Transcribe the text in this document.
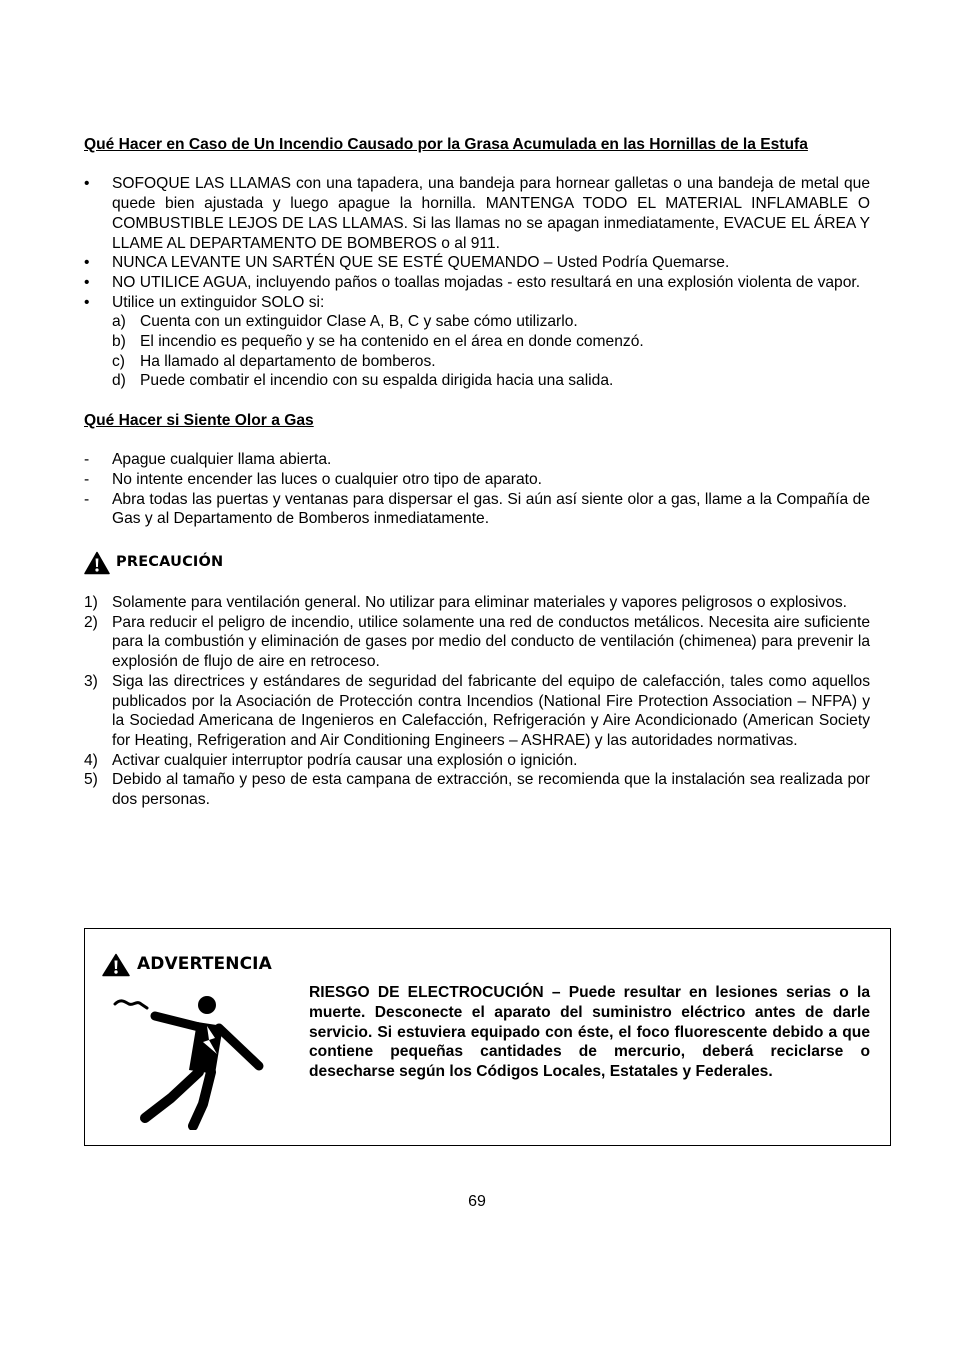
Qué Hacer en Caso de Un Incendio Causado por la Grasa Acumulada en las Hornillas de la Estufa

•	SOFOQUE LAS LLAMAS con una tapadera, una bandeja para hornear galletas o una bandeja de metal que quede bien ajustada y luego apague la hornilla. MANTENGA TODO EL MATERIAL INFLAMABLE O COMBUSTIBLE LEJOS DE LAS LLAMAS. Si las llamas no se apagan inmediatamente, EVACUE EL ÁREA Y LLAME AL DEPARTAMENTO DE BOMBEROS o al 911.
•	NUNCA LEVANTE UN SARTÉN QUE SE ESTÉ QUEMANDO – Usted Podría Quemarse.
•	NO UTILICE AGUA, incluyendo paños o toallas mojadas - esto resultará en una explosión violenta de vapor.
•	Utilice un extinguidor SOLO si:
a) Cuenta con un extinguidor Clase A, B, C y sabe cómo utilizarlo.
b) El incendio es pequeño y se ha contenido en el área en donde comenzó.
c) Ha llamado al departamento de bomberos.
d) Puede combatir el incendio con su espalda dirigida hacia una salida.

Qué Hacer si Siente Olor a Gas

-	Apague cualquier llama abierta.
-	No intente encender las luces o cualquier otro tipo de aparato.
-	Abra todas las puertas y ventanas para dispersar el gas. Si aún así siente olor a gas, llame a la Compañía de Gas y al Departamento de Bomberos inmediatamente.
PRECAUCIÓN
1) Solamente para ventilación general. No utilizar para eliminar materiales y vapores peligrosos o explosivos.
2) Para reducir el peligro de incendio, utilice solamente una red de conductos metálicos. Necesita aire suficiente para la combustión y eliminación de gases por medio del conducto de ventilación (chimenea) para prevenir la explosión de flujo de aire en retroceso.
3) Siga las directrices y estándares de seguridad del fabricante del equipo de calefacción, tales como aquellos publicados por la Asociación de Protección contra Incendios (National Fire Protection Association – NFPA) y la Sociedad Americana de Ingenieros en Calefacción, Refrigeración y Aire Acondicionado (American Society for Heating, Refrigeration and Air Conditioning Engineers – ASHRAE) y las autoridades normativas.
4) Activar cualquier interruptor podría causar una explosión o ignición.
5) Debido al tamaño y peso de esta campana de extracción, se recomienda que la instalación sea realizada por dos personas.
ADVERTENCIA
RIESGO DE ELECTROCUCIÓN – Puede resultar en lesiones serias o la muerte. Desconecte el aparato del suministro eléctrico antes de darle servicio. Si estuviera equipado con éste, el foco fluorescente debido a que contiene pequeñas cantidades de mercurio, deberá reciclarse o desecharse según los Códigos Locales, Estatales y Federales.
69
